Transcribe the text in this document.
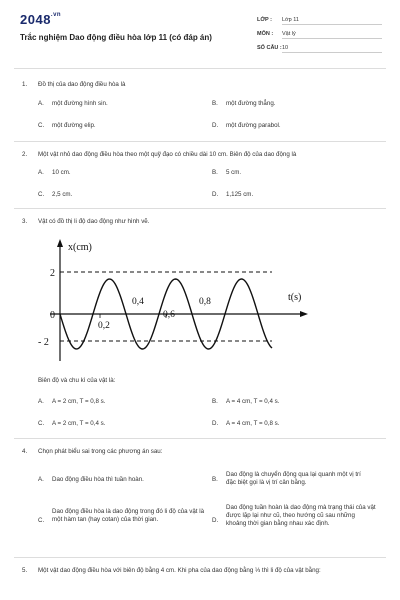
$2048^{.vn}$
Trắc nghiệm Dao động điều hòa lớp 11 (có đáp án)
LỚP : Lớp 11
MÔN : Vật lý
SỐ CÂU : 10
1. Đồ thị của dao động điều hòa là
A. một đường hình sin.	B. một đường thẳng.
C. một đường elip.	D. một đường parabol.
2. Một vật nhỏ dao động điều hòa theo một quỹ đạo có chiều dài 10 cm. Biên độ của dao động là
A. 10 cm.	B. 5 cm.
C. 2,5 cm.	D. 1,125 cm.
3. Vật có đồ thị li độ dao động như hình vẽ.
x(cm)
t(s)
2
0
- 2
0,2
0,4
0,6
0,8
Biên độ và chu kì của vật là:
A. A = 2 cm, T = 0,8 s.	B. A = 4 cm, T = 0,4 s.
C. A = 2 cm, T = 0,4 s.	D. A = 4 cm, T = 0,8 s.
4. Chọn phát biểu sai trong các phương án sau:
A. Dao động điều hòa thì tuần hoàn.	B.
Dao động là chuyển động qua lại quanh một vị trí đặc biệt gọi là vị trí cân bằng.
C.
Dao động điều hòa là dao động trong đó li độ của vật là một hàm tan (hay cotan) của thời gian.	D.
Dao động tuần hoàn là dao động mà trạng thái của vật được lặp lại như cũ, theo hướng cũ sau những khoảng thời gian bằng nhau xác định.
5. Một vật dao động điều hòa với biên độ bằng 4 cm. Khi pha của dao động bằng ⅓ thì li độ của vật bằng:
